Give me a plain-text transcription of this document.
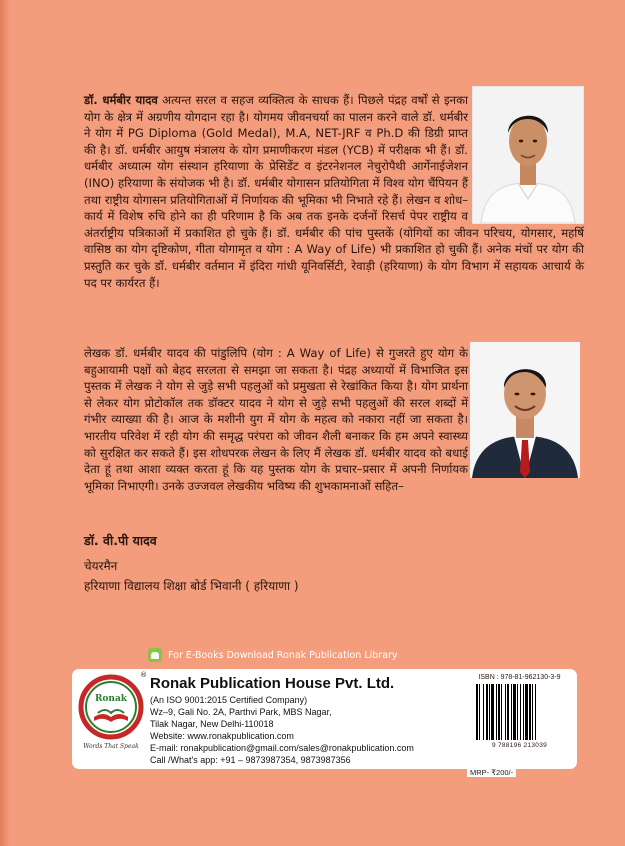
डॉ. धर्मबीर यादव अत्यन्त सरल व सहज व्यक्तित्व के साधक हैं। पिछले पंद्रह वर्षों से इनका योग के क्षेत्र में अग्रणीय योगदान रहा है। योगमय जीवनचर्या का पालन करने वाले डॉ. धर्मबीर ने योग में PG Diploma (Gold Medal), M.A, NET-JRF व Ph.D की डिग्री प्राप्त की है। डॉ. धर्मबीर आयुष मंत्रालय के योग प्रमाणीकरण मंडल (YCB) में परीक्षक भी हैं। डॉ. धर्मबीर अध्यात्म योग संस्थान हरियाणा के प्रेसिडेंट व इंटरनेशनल नेचुरोपैथी आर्गेनाईजेशन (INO) हरियाणा के संयोजक भी है। डॉ. धर्मबीर योगासन प्रतियोगिता में विश्व योग चैंपियन हैं तथा राष्ट्रीय योगासन प्रतियोगिताओं में निर्णायक की भूमिका भी निभाते रहे हैं। लेखन व शोध–कार्य में विशेष रुचि होने का ही परिणाम है कि अब तक इनके दर्जनों रिसर्च पेपर राष्ट्रीय व अंतर्राष्ट्रीय पत्रिकाओं में प्रकाशित हो चुके हैं। डॉ. धर्मबीर की पांच पुस्तकें (योगियों का जीवन परिचय, योगसार, महर्षि वासिष्ठ का योग दृष्टिकोण, गीता योगामृत व योग : A Way of Life) भी प्रकाशित हो चुकी हैं। अनेक मंचों पर योग की प्रस्तुति कर चुके डॉ. धर्मबीर वर्तमान में इंदिरा गांधी यूनिवर्सिटी, रेवाड़ी (हरियाणा) के योग विभाग में सहायक आचार्य के पद पर कार्यरत हैं।
लेखक डॉ. धर्मबीर यादव की पांडुलिपि (योग : A Way of Life) से गुजरते हुए योग के बहुआयामी पक्षों को बेहद सरलता से समझा जा सकता है। पंद्रह अध्यायों में विभाजित इस पुस्तक में लेखक ने योग से जुड़े सभी पहलुओं को प्रमुखता से रेखांकित किया है। योग प्रार्थना से लेकर योग प्रोटोकॉल तक डॉक्टर यादव ने योग से जुड़े सभी पहलुओं की सरल शब्दों में गंभीर व्याख्या की है। आज के मशीनी युग में योग के महत्व को नकारा नहीं जा सकता है। भारतीय परिवेश में रही योग की समृद्ध परंपरा को जीवन शैली बनाकर कि हम अपने स्वास्थ्य को सुरक्षित कर सकते हैं। इस शोधपरक लेखन के लिए मैं लेखक डॉ. धर्मबीर यादव को बधाई देता हूं तथा आशा व्यक्त करता हूं कि यह पुस्तक योग के प्रचार–प्रसार में अपनी निर्णायक भूमिका निभाएगी। उनके उज्जवल लेखकीय भविष्य की शुभकामनाओं सहित–
डॉ. वी.पी यादव
चेयरमैन
हरियाणा विद्यालय शिक्षा बोर्ड भिवानी ( हरियाणा )
For E-Books Download Ronak Publication Library
Ronak
Words That Speak
® Ronak Publication House Pvt. Ltd.
(An ISO 9001:2015 Certified Company)
Wz–9, Gali No. 2A, Parthvi Park, MBS Nagar,
Tilak Nagar, New Delhi-110018
Website: www.ronakpublication.com
E-mail: ronakpublication@gmail.com/sales@ronakpublication.com
Call /What's app: +91 – 9873987354, 9873987356
ISBN : 978-81-962130-3-9
9 788196 213039
MRP- ₹200/-
